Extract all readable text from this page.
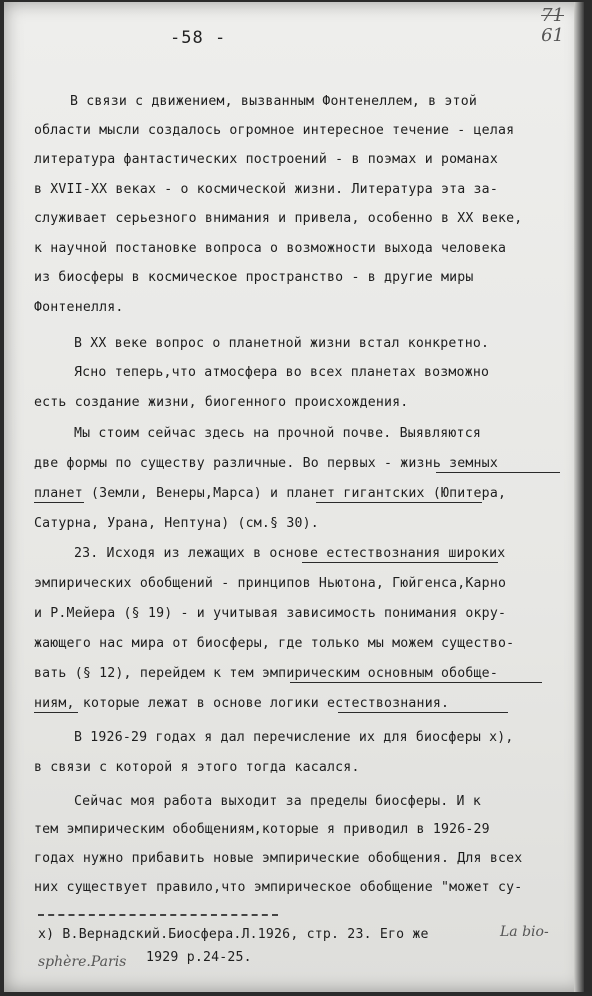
71
61
-58 -
В связи с движением, вызванным Фонтенеллем, в этой
области мысли создалось огромное интересное течение - целая
литература фантастических построений - в поэмах и романах
в XVII-XX веках - о космической жизни. Литература эта за-
служивает серьезного внимания и привела, особенно в XX веке,
к научной постановке вопроса о возможности выхода человека
из биосферы в космическое пространство - в другие миры
Фонтенелля.
В XX веке вопрос о планетной жизни встал конкретно.
Ясно теперь,что атмосфера во всех планетах возможно
есть создание жизни, биогенного происхождения.
Мы стоим сейчас здесь на прочной почве. Выявляются
две формы по существу различные. Во первых - жизнь земных
планет (Земли, Венеры,Марса) и планет гигантских (Юпитера,
Сатурна, Урана, Нептуна) (см.§ 30).
23. Исходя из лежащих в основе естествознания широких
эмпирических обобщений - принципов Ньютона, Гюйгенса,Карно
и Р.Мейера (§ 19) - и учитывая зависимость понимания окру-
жающего нас мира от биосферы, где только мы можем существо-
вать (§ 12), перейдем к тем эмпирическим основным обобще-
ниям, которые лежат в основе логики естествознания.
В 1926-29 годах я дал перечисление их для биосферы x),
в связи с которой я этого тогда касался.
Сейчас моя работа выходит за пределы биосферы. И к
тем эмпирическим обобщениям,которые я приводил в 1926-29
годах нужно прибавить новые эмпирические обобщения. Для всех
них существует правило,что эмпирическое обобщение "может су-
x) В.Вернадский.Биосфера.Л.1926, стр. 23. Его же	La bio-
sphère.Paris 1929 р.24-25.
